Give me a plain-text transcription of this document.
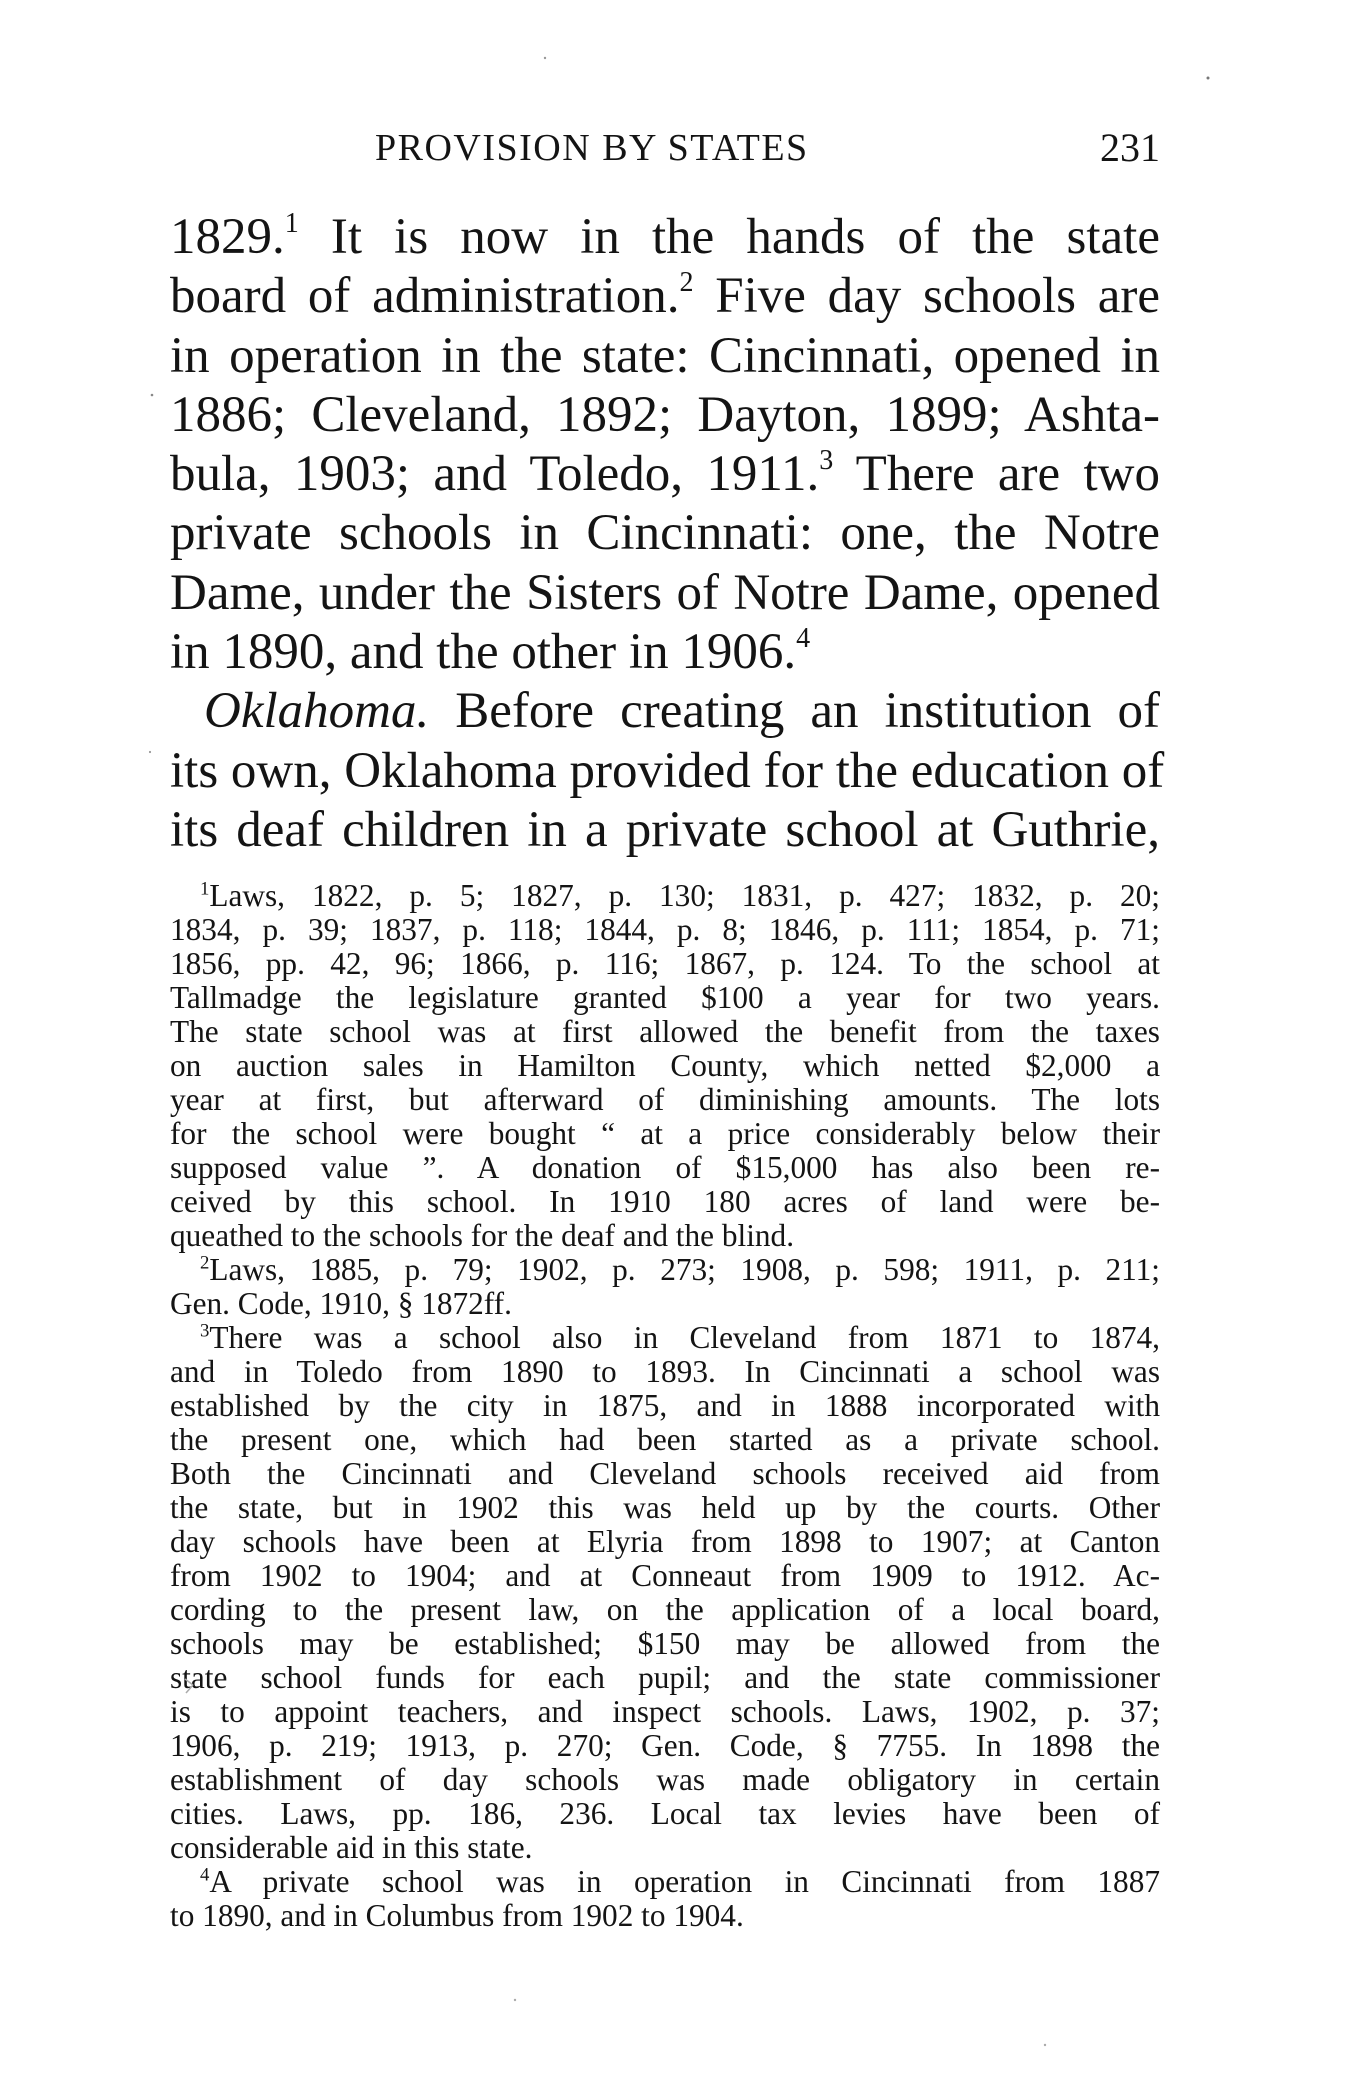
PROVISION BY STATES	231
1829.$^1$ It is now in the hands of the state
board of administration.$^2$ Five day schools are
in operation in the state: Cincinnati, opened in
1886; Cleveland, 1892; Dayton, 1899; Ashta-
bula, 1903; and Toledo, 1911.$^3$ There are two
private schools in Cincinnati: one, the Notre
Dame, under the Sisters of Notre Dame, opened
in 1890, and the other in 1906.$^4$
Oklahoma. Before creating an institution of
its own, Oklahoma provided for the education of
its deaf children in a private school at Guthrie,
$^1$Laws, 1822, p. 5; 1827, p. 130; 1831, p. 427; 1832, p. 20;
1834, p. 39; 1837, p. 118; 1844, p. 8; 1846, p. 111; 1854, p. 71;
1856, pp. 42, 96; 1866, p. 116; 1867, p. 124. To the school at
Tallmadge the legislature granted $100 a year for two years.
The state school was at first allowed the benefit from the taxes
on auction sales in Hamilton County, which netted $2,000 a
year at first, but afterward of diminishing amounts. The lots
for the school were bought “ at a price considerably below their
supposed value ”. A donation of $15,000 has also been re-
ceived by this school. In 1910 180 acres of land were be-
queathed to the schools for the deaf and the blind.
$^2$Laws, 1885, p. 79; 1902, p. 273; 1908, p. 598; 1911, p. 211;
Gen. Code, 1910, § 1872ff.
$^3$There was a school also in Cleveland from 1871 to 1874,
and in Toledo from 1890 to 1893. In Cincinnati a school was
established by the city in 1875, and in 1888 incorporated with
the present one, which had been started as a private school.
Both the Cincinnati and Cleveland schools received aid from
the state, but in 1902 this was held up by the courts. Other
day schools have been at Elyria from 1898 to 1907; at Canton
from 1902 to 1904; and at Conneaut from 1909 to 1912. Ac-
cording to the present law, on the application of a local board,
schools may be established; $150 may be allowed from the
state school funds for each pupil; and the state commissioner
is to appoint teachers, and inspect schools. Laws, 1902, p. 37;
1906, p. 219; 1913, p. 270; Gen. Code, § 7755. In 1898 the
establishment of day schools was made obligatory in certain
cities. Laws, pp. 186, 236. Local tax levies have been of
considerable aid in this state.
$^4$A private school was in operation in Cincinnati from 1887
to 1890, and in Columbus from 1902 to 1904.
